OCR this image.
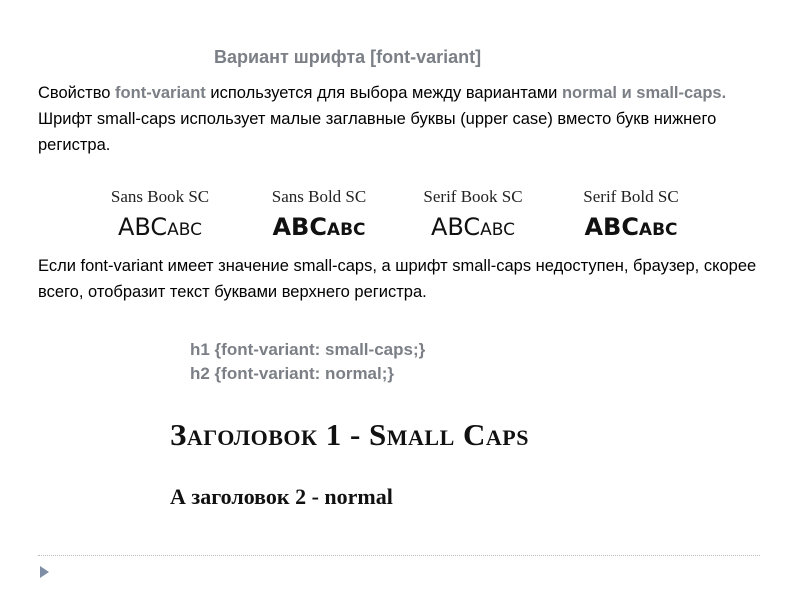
Вариант шрифта [font-variant]
Свойство font-variant используется для выбора между вариантами normal и small-caps. Шрифт small-caps использует малые заглавные буквы (upper case) вместо букв нижнего регистра.
Sans Book SC
ABCabc
Sans Bold SC
ABCabc
Serif Book SC
ABCabc
Serif Bold SC
ABCabc
Если font-variant имеет значение small-caps, а шрифт small-caps недоступен, браузер, скорее всего, отобразит текст буквами верхнего регистра.
h1 {font-variant: small-caps;}
h2 {font-variant: normal;}
Заголовок 1 - Small Caps
А заголовок 2 - normal
